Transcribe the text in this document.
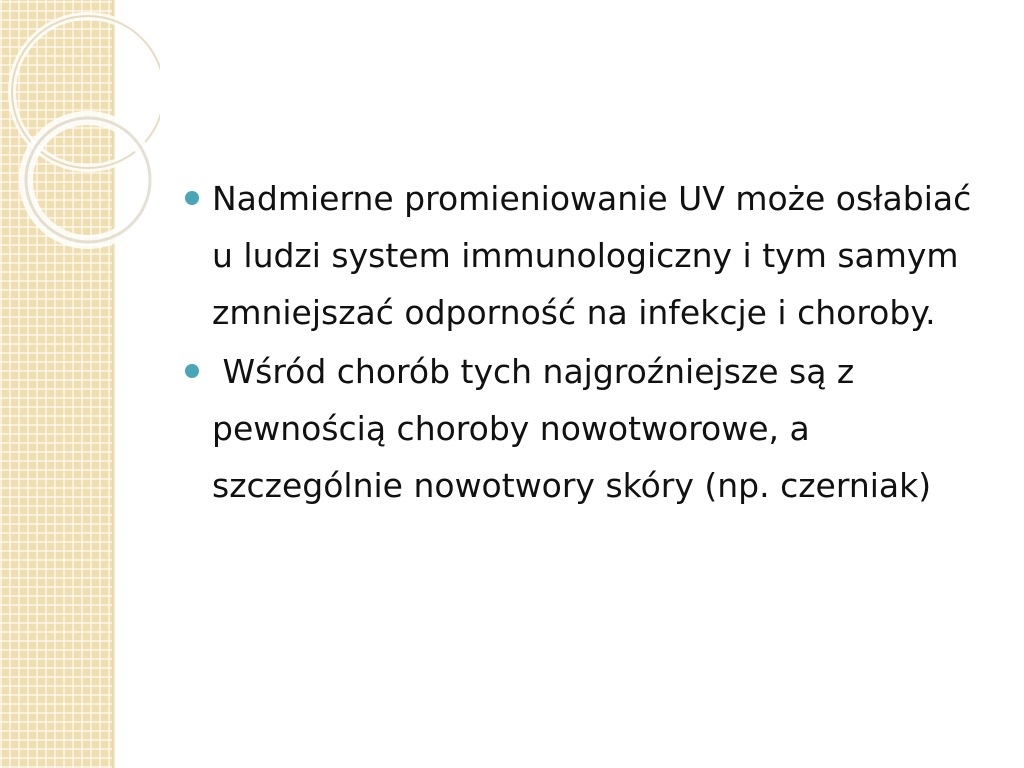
Nadmierne promieniowanie UV może osłabiać u ludzi system immunologiczny i tym samym zmniejszać odporność na infekcje i choroby.
Wśród chorób tych najgroźniejsze są z pewnością choroby nowotworowe, a szczególnie nowotwory skóry (np. czerniak)
